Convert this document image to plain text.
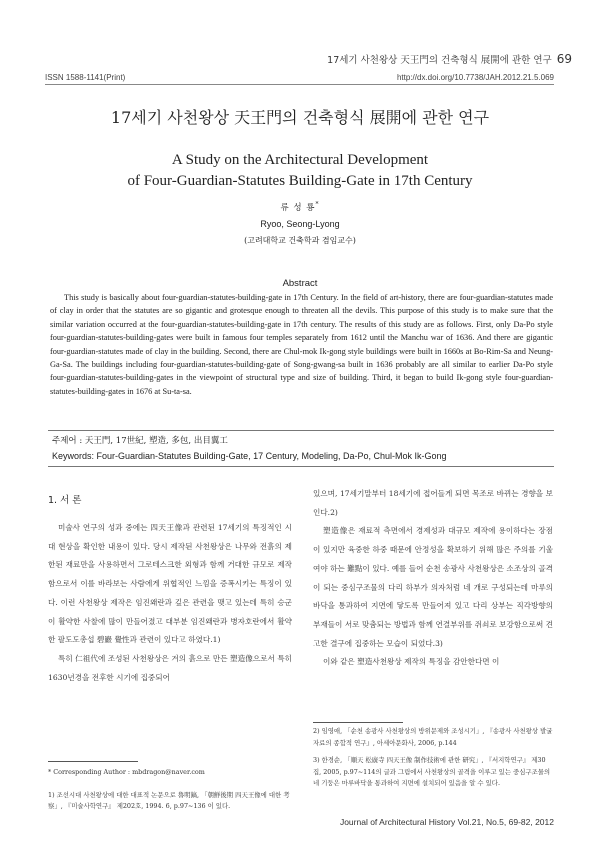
17세기 사천왕상 天王門의 건축형식 展開에 관한 연구 69
ISSN 1588-1141(Print)	http://dx.doi.org/10.7738/JAH.2012.21.5.069
17세기 사천왕상 天王門의 건축형식 展開에 관한 연구
A Study on the Architectural Development
of Four-Guardian-Statutes Building-Gate in 17th Century
류 성 룡*
Ryoo, Seong-Lyong
(고려대학교 건축학과 겸임교수)
Abstract
This study is basically about four-guardian-statutes-building-gate in 17th Century. In the field of art-history, there are four-guardian-statutes made of clay in order that the statutes are so gigantic and grotesque enough to threaten all the devils. This purpose of this study is to make sure that the similar variation occurred at the four-guardian-statutes-building-gate in 17th century. The results of this study are as follows. First, only Da-Po style four-guardian-statutes-building-gates were built in famous four temples separately from 1612 until the Manchu war of 1636. And there are gigantic four-guardian-statutes made of clay in the building. Second, there are Chul-mok Ik-gong style buildings were built in 1660s at Bo-Rim-Sa and Neung-Ga-Sa. The buildings including four-guardian-statutes-building-gate of Song-gwang-sa built in 1636 probably are all similar to earlier Da-Po style four-guardian-statutes-building-gates in the viewpoint of structural type and size of building. Third, it began to build Ik-gong style four-guardian-statutes-building-gates in 1676 at Su-ta-sa.
주제어 : 天王門, 17世紀, 塑造, 多包, 出目翼工
Keywords: Four-Guardian-Statutes Building-Gate, 17 Century, Modeling, Da-Po, Chul-Mok Ik-Gong
1. 서 론

미술사 연구의 성과 중에는 四天王像과 관련된 17세기의 특징적인 시대 현상을 확인한 내용이 있다. 당시 제작된 사천왕상은 나무와 전흙의 제한된 재료만을 사용하면서 그로테스크한 외형과 함께 거대한 규모로 제작함으로서 이를 바라보는 사람에게 위협적인 느낌을 증폭시키는 특징이 있다. 이런 사천왕상 제작은 임진왜란과 깊은 관련을 맺고 있는데 특히 승군이 활약한 사찰에 많이 만들어졌고 대부분 임진왜란과 병자호란에서 활약한 팔도도총섭 碧巖 覺性과 관련이 있다고 하였다.1)

특히 仁祖代에 조성된 사천왕상은 겨의 흙으로 만든 塑造像으로서 특히 1630년경을 전후한 시기에 집중되어

있으며, 17세기말부터 18세기에 접어들게 되면 목조로 바뀌는 경향을 보인다.2)

塑造像은 재료적 측면에서 경제성과 대규모 제작에 용이하다는 장점이 있지만 육중한 하중 때문에 안정성을 확보하기 위해 많은 주의를 기울여야 하는 難點이 있다. 예를 들어 순천 송광사 사천왕상은 소조상의 골격이 되는 중심구조물의 다리 하부가 의자처럼 네 개로 구성되는데 마루의 바닥을 통과하여 지면에 닿도록 만들어져 있고 다리 상부는 직각방향의 부재들이 서로 맞춤되는 방법과 함께 연결부위를 쥐쇠로 보강함으로써 견고한 결구에 집중하는 모습이 되었다.3)

이와 같은 塑造사천왕상 제작의 특징을 감안한다면 이

* Corresponding Author : mbdragon@naver.com
1) 조선시대 사천왕상에 대한 대표적 논문으로 魯明鎬, 「朝鮮後期 四天王像에 대한 考察」, 『미술사학연구』 제202호, 1994. 6, p.97~136 이 있다.
2) 임영애, 「순천 송광사 사천왕상의 방위문제와 조성시기」, 『송광사 사천왕상 발굴자료의 종합적 연구』, 아세아문화사, 2006, p.144
3) 한경순, 「順天 松廣寺 四天王像 制作技術에 관한 研究」, 『서지학연구』 제30집, 2005, p.97~114의 글과 그림에서 사천왕상의 골격을 이루고 있는 중심구조물의 네 기둥은 마루바닥을 통과하여 지면에 설치되어 있음을 알 수 있다.
Journal of Architectural History Vol.21, No.5, 69-82, 2012
